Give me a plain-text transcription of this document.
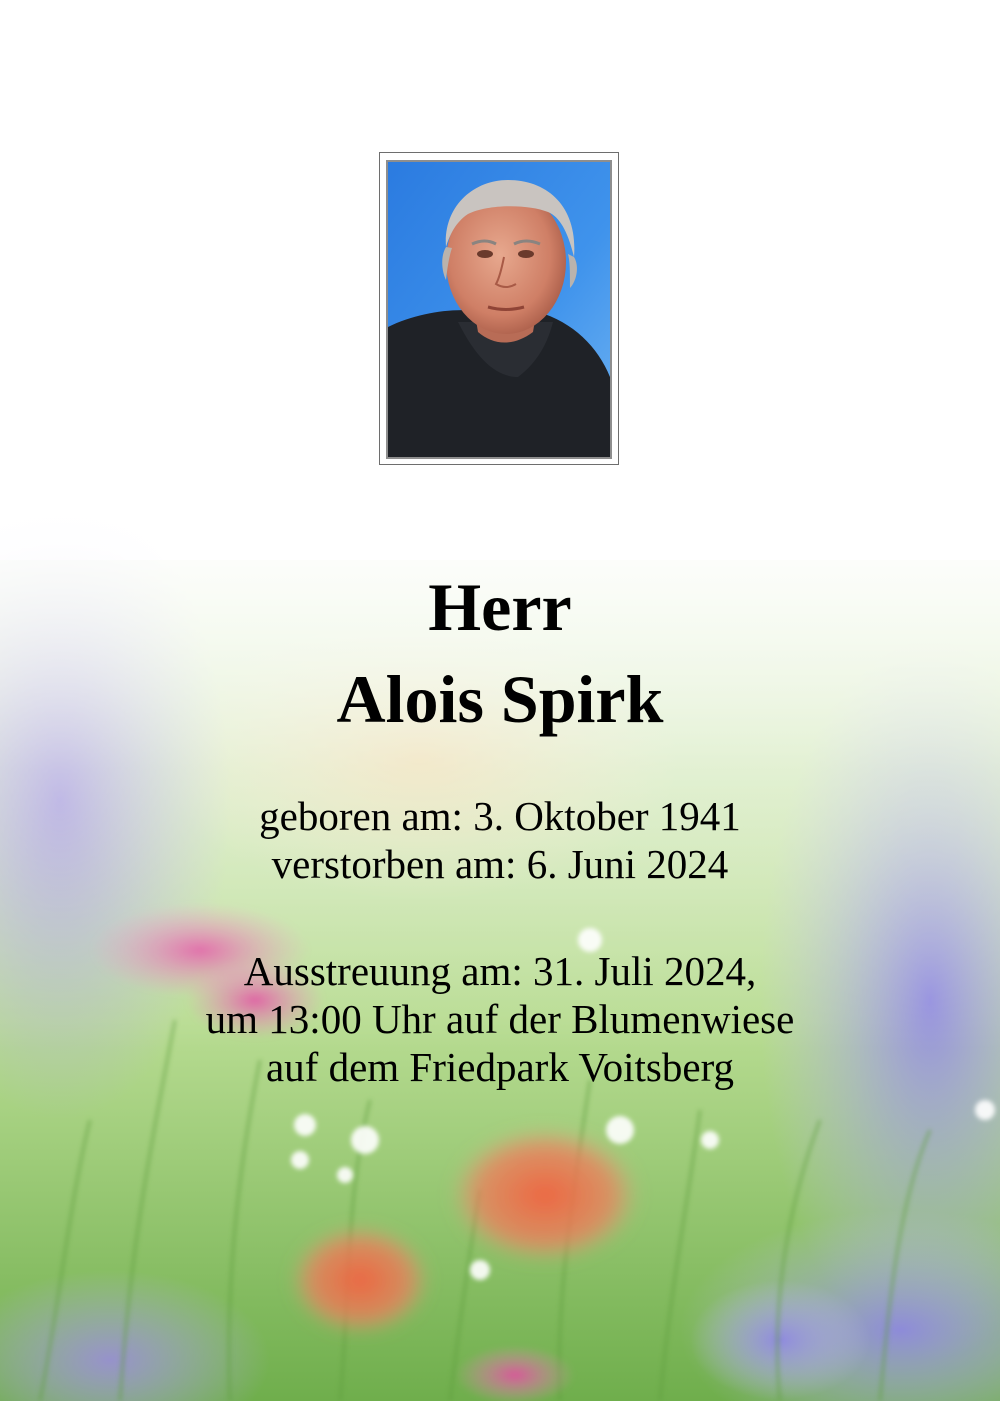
Herr
Alois Spirk
geboren am: 3. Oktober 1941
verstorben am: 6. Juni 2024
Ausstreuung am: 31. Juli 2024,
um 13:00 Uhr auf der Blumenwiese
auf dem Friedpark Voitsberg
